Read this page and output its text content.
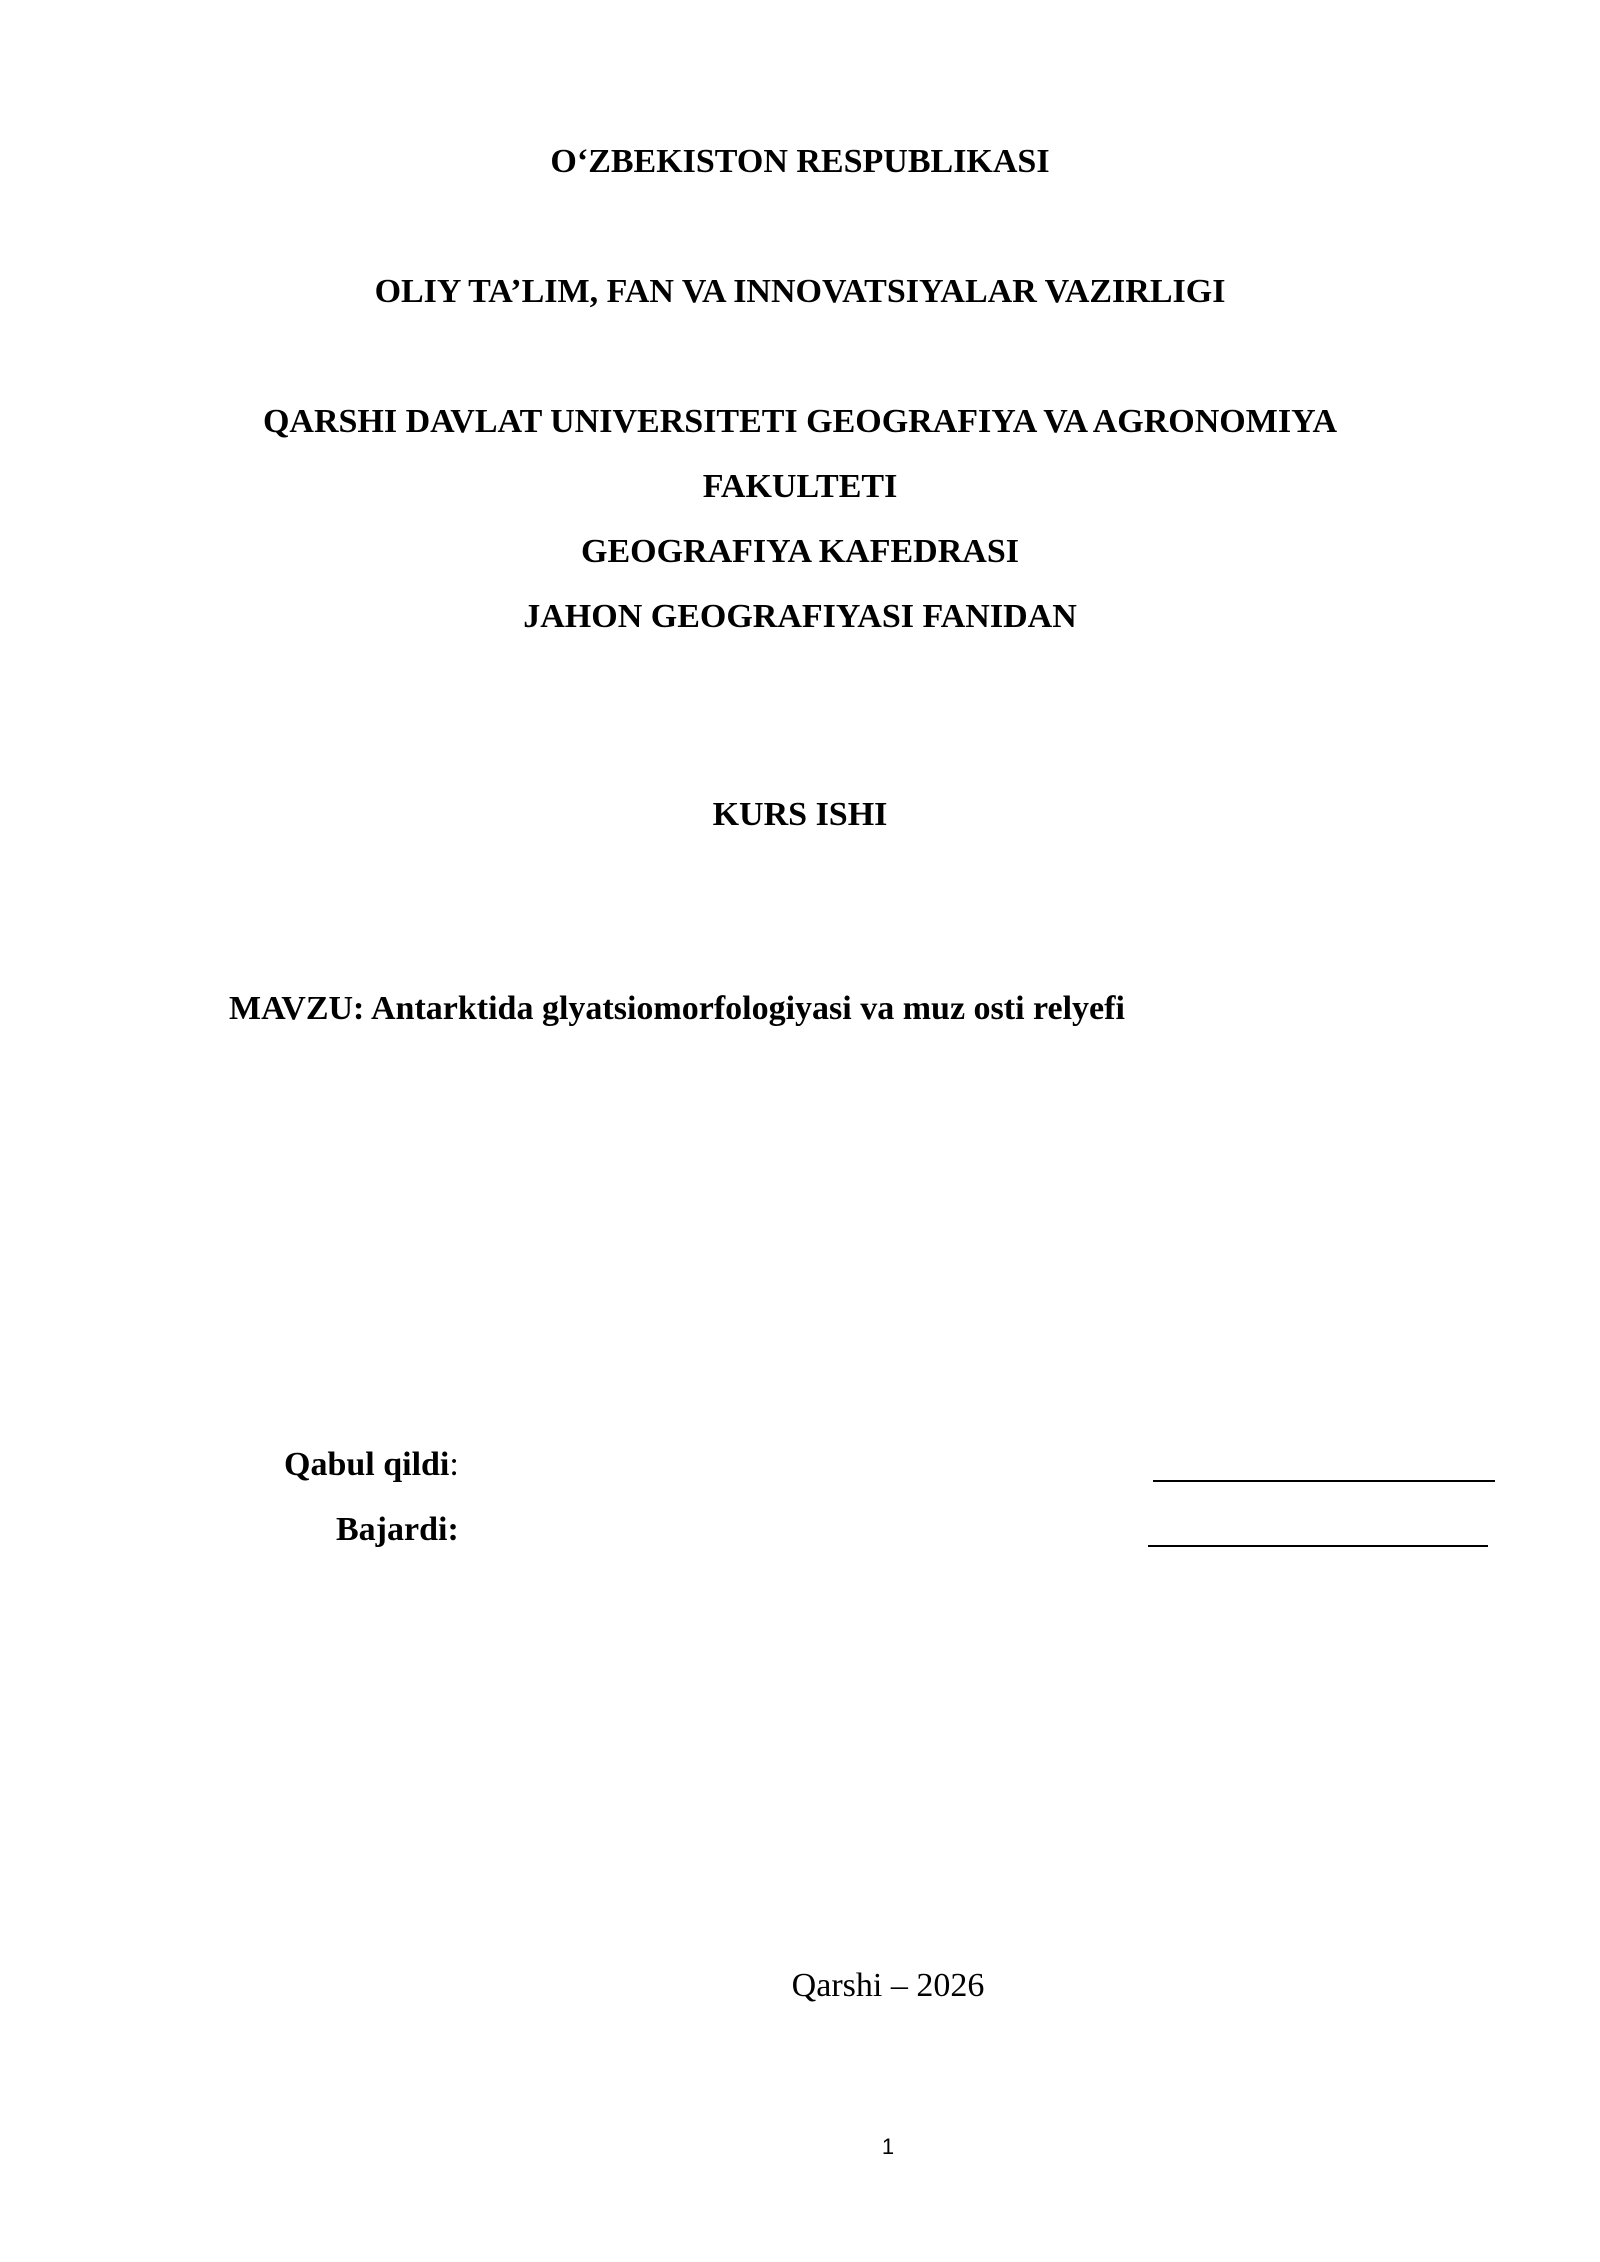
O‘ZBEKISTON RESPUBLIKASI
OLIY TA’LIM, FAN VA INNOVATSIYALAR VAZIRLIGI
QARSHI DAVLAT UNIVERSITETI GEOGRAFIYA VA AGRONOMIYA
FAKULTETI
GEOGRAFIYA KAFEDRASI
JAHON GEOGRAFIYASI FANIDAN
KURS ISHI
MAVZU: Antarktida glyatsiomorfologiyasi va muz osti relyefi
Qabul qildi:
Bajardi:
Qarshi – 2026
1
